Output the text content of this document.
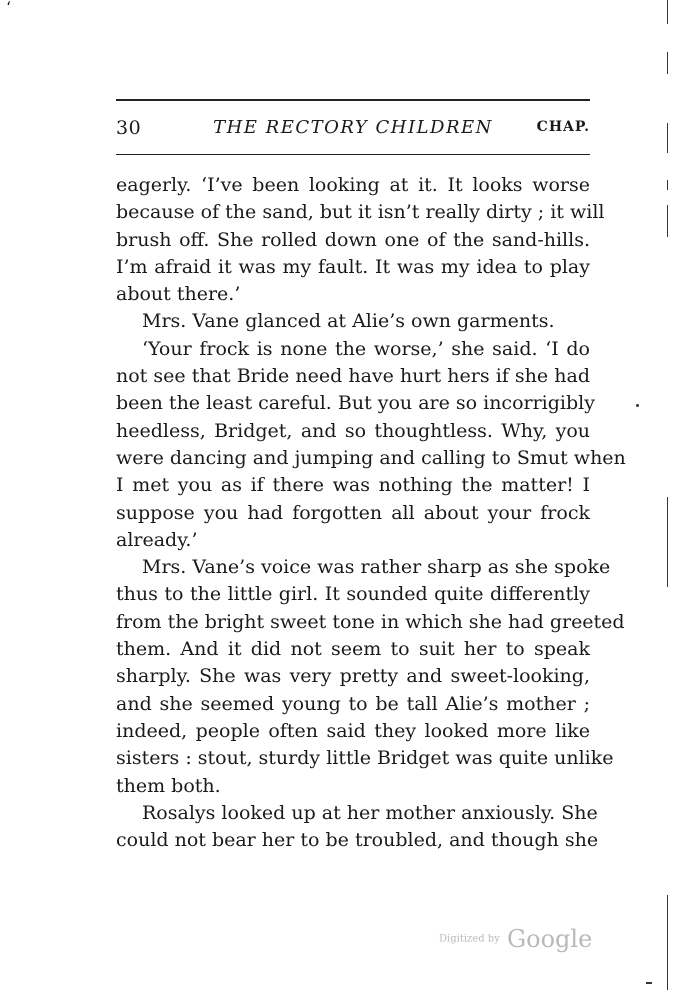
‘
30	THE RECTORY CHILDREN	CHAP.
eagerly. ‘I’ve been looking at it. It looks worse
because of the sand, but it isn’t really dirty ; it will
brush off. She rolled down one of the sand-hills.
I’m afraid it was my fault. It was my idea to play
about there.’
Mrs. Vane glanced at Alie’s own garments.
‘Your frock is none the worse,’ she said. ‘I do
not see that Bride need have hurt hers if she had
been the least careful. But you are so incorrigibly
heedless, Bridget, and so thoughtless. Why, you
were dancing and jumping and calling to Smut when
I met you as if there was nothing the matter! I
suppose you had forgotten all about your frock
already.’
Mrs. Vane’s voice was rather sharp as she spoke
thus to the little girl. It sounded quite differently
from the bright sweet tone in which she had greeted
them. And it did not seem to suit her to speak
sharply. She was very pretty and sweet-looking,
and she seemed young to be tall Alie’s mother ;
indeed, people often said they looked more like
sisters : stout, sturdy little Bridget was quite unlike
them both.
Rosalys looked up at her mother anxiously. She
could not bear her to be troubled, and though she
Digitized by Google
